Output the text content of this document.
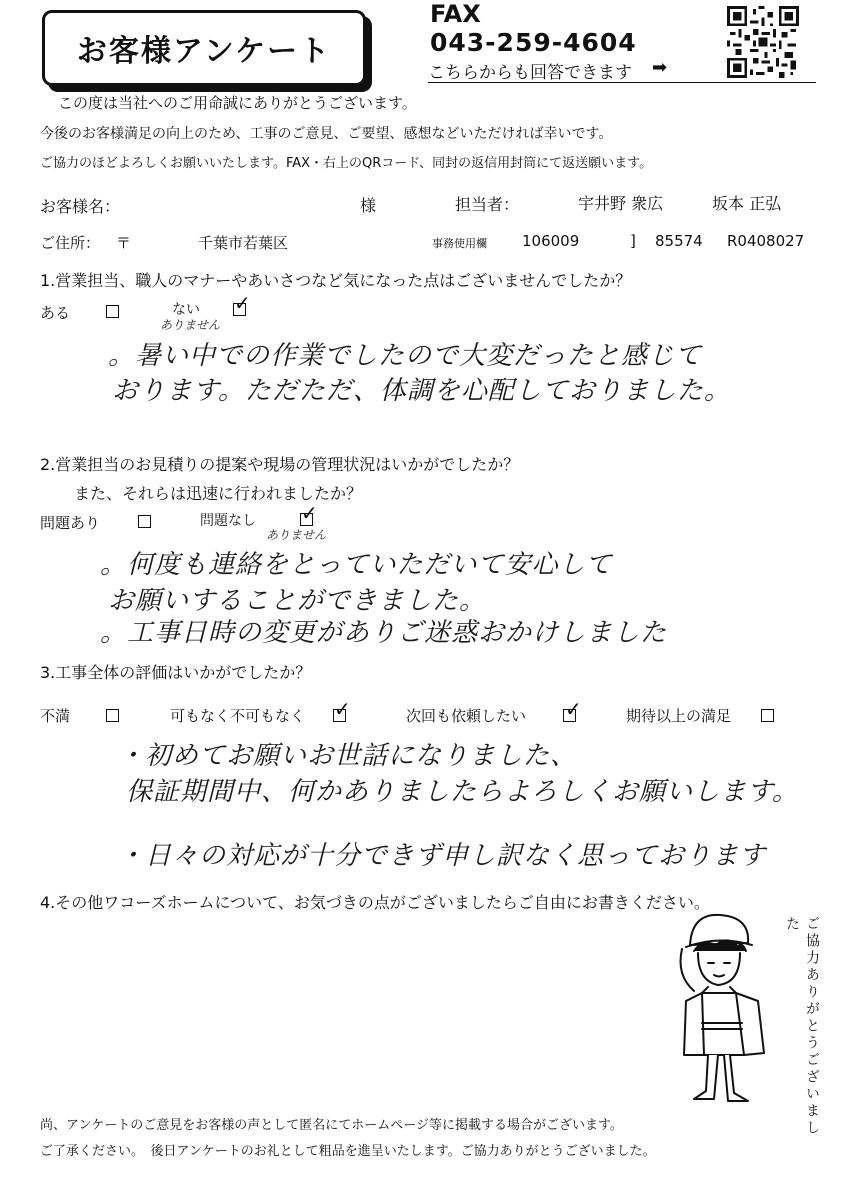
お客様アンケート
FAX
043-259-4604
こちらからも回答できます ➡
この度は当社へのご用命誠にありがとうございます。
今後のお客様満足の向上のため、工事のご意見、ご要望、感想などいただければ幸いです。
ご協力のほどよろしくお願いいたします。FAX・右上のQRコード、同封の返信用封筒にて返送願います。
お客様名：	様	担当者：	宇井野 衆広	坂本 正弘
ご住所： 〒	千葉市若葉区	事務使用欄 106009	] 85574 R0408027
1.営業担当、職人のマナーやあいさつなど気になった点はございませんでしたか？
ある	ない ✓
ありません
。暑い中での作業でしたので大変だったと感じて
おります。ただただ、体調を心配しておりました。
2.営業担当のお見積りの提案や現場の管理状況はいかがでしたか？
また、それらは迅速に行われましたか？
問題あり	問題なし ✓
ありません
。何度も連絡をとっていただいて安心して
お願いすることができました。
。工事日時の変更がありご迷惑おかけしました
3.工事全体の評価はいかがでしたか？
不満	可もなく不可もなく ✓	次回も依頼したい ✓	期待以上の満足
・初めてお願いお世話になりました、
保証期間中、何かありましたらよろしくお願いします。
・日々の対応が十分できず申し訳なく思っております
4.その他ワコーズホームについて、お気づきの点がございましたらご自由にお書きください。
ご協力ありがとうございました
尚、アンケートのご意見をお客様の声として匿名にてホームページ等に掲載する場合がございます。
ご了承ください。　後日アンケートのお礼として粗品を進呈いたします。ご協力ありがとうございました。
